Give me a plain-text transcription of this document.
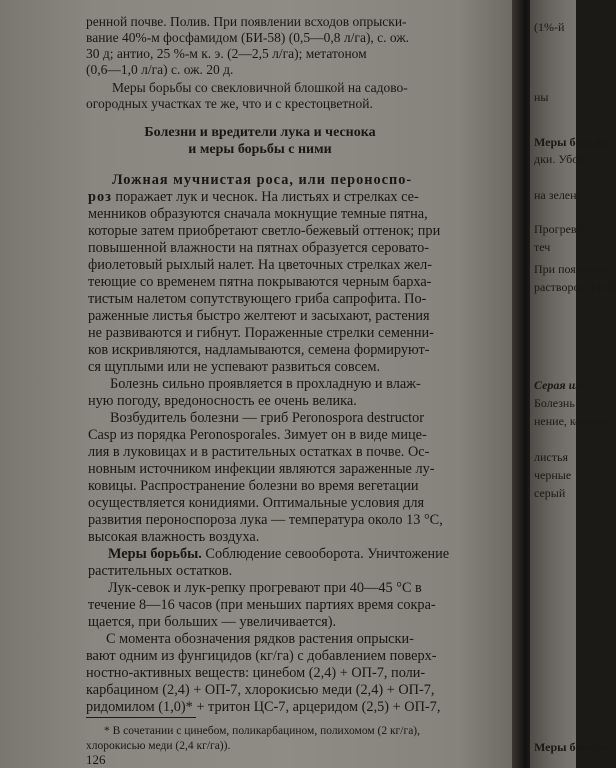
ренной почве. Полив. При появлении всходов опрыски-
вание 40%-м фосфамидом (БИ-58) (0,5—0,8 л/га), с. ож.
30 д; антио, 25 %-м к. э. (2—2,5 л/га); метатоном
(0,6—1,0 л/га) с. ож. 20 д.
Меры борьбы со свекловичной блошкой на садово-
огородных участках те же, что и с крестоцветной.
Болезни и вредители лука и чеснока
и меры борьбы с ними
Ложная мучнистая роса, или пероноспо-
роз поражает лук и чеснок. На листьях и стрелках се-
менников образуются сначала мокнущие темные пятна,
которые затем приобретают светло-бежевый оттенок; при
повышенной влажности на пятнах образуется серовато-
фиолетовый рыхлый налет. На цветочных стрелках жел-
теющие со временем пятна покрываются черным барха-
тистым налетом сопутствующего гриба сапрофита. По-
раженные листья быстро желтеют и засыхают, растения
не развиваются и гибнут. Пораженные стрелки семенни-
ков искривляются, надламываются, семена формируют-
ся щуплыми или не успевают развиться совсем.
Болезнь сильно проявляется в прохладную и влаж-
ную погоду, вредоносность ее очень велика.
Возбудитель болезни — гриб Peronospora destructor
Casp из порядка Peronosporales. Зимует он в виде мице-
лия в луковицах и в растительных остатках в почве. Ос-
новным источником инфекции являются зараженные лу-
ковицы. Распространение болезни во время вегетации
осуществляется конидиями. Оптимальные условия для
развития пероноспороза лука — температура около 13 °С,
высокая влажность воздуха.
Меры борьбы. Соблюдение севооборота. Уничтожение
растительных остатков.
Лук-севок и лук-репку прогревают при 40—45 °С в
течение 8—16 часов (при меньших партиях время сокра-
щается, при больших — увеличивается).
С момента обозначения рядков растения опрыски-
вают одним из фунгицидов (кг/га) с добавлением поверх-
ностно-активных веществ: цинебом (2,4) + ОП-7, поли-
карбацином (2,4) + ОП-7, хлорокисью меди (2,4) + ОП-7,
ридомилом (1,0)* + тритон ЦС-7, арцеридом (2,5) + ОП-7,
* В сочетании с цинебом, поликарбацином, полихомом (2 кг/га),
хлорокисью меди (2,4 кг/га)).
126
(1%-й
ны
Меры борьбы
дки. Убор
на зелень
Прогрева
теч
При появлении
раствором 1%-й
Серая ше
Болезнь
нение, которое
листья
черные
серый
Меры борьбы
